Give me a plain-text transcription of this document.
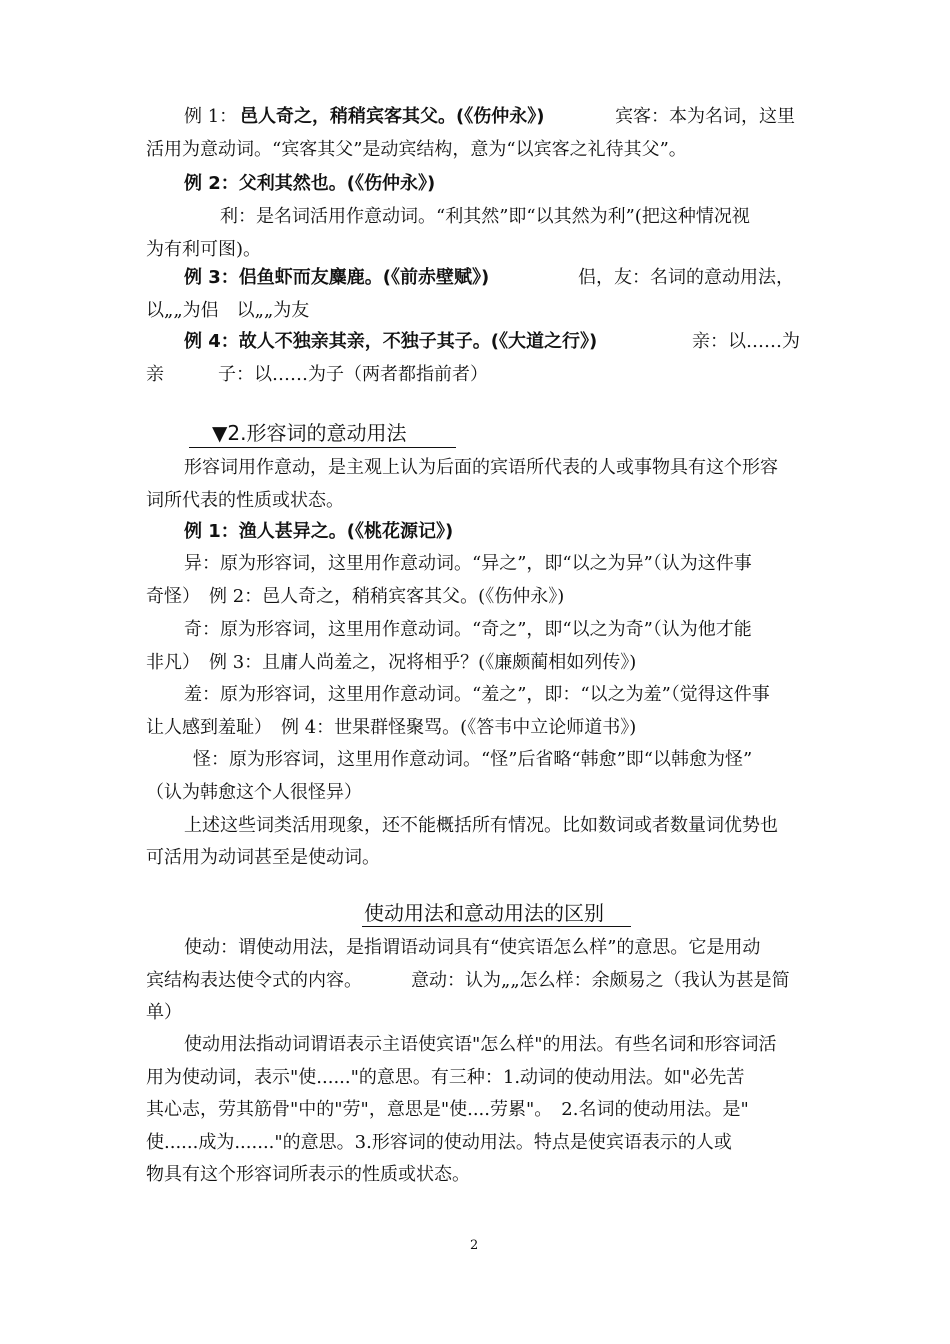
例 1： 邑人奇之，稍稍宾客其父。(《伤仲永》)	宾客：本为名词，这里
活用为意动词。“宾客其父”是动宾结构，意为“以宾客之礼待其父”。
例 2：父利其然也。(《伤仲永》)
利：是名词活用作意动词。“利其然”即“以其然为利”(把这种情况视
为有利可图)。
例 3：侣鱼虾而友麋鹿。(《前赤壁赋》)	侣，友：名词的意动用法，
以„„为侣　以„„为友
例 4：故人不独亲其亲，不独子其子。(《大道之行》)	亲：以……为
亲　　　子：以……为子（两者都指前者）
▼2.形容词的意动用法
形容词用作意动，是主观上认为后面的宾语所代表的人或事物具有这个形容
词所代表的性质或状态。
例 1：渔人甚异之。(《桃花源记》)
异：原为形容词，这里用作意动词。“异之”，即“以之为异”（认为这件事
奇怪）　例 2：邑人奇之，稍稍宾客其父。(《伤仲永》)
奇：原为形容词，这里用作意动词。“奇之”，即“以之为奇”（认为他才能
非凡）　例 3：且庸人尚羞之，况将相乎？(《廉颇蔺相如列传》)
羞：原为形容词，这里用作意动词。“羞之”，即：“以之为羞”（觉得这件事
让人感到羞耻）　例 4：世果群怪聚骂。(《答韦中立论师道书》)
怪：原为形容词，这里用作意动词。“怪”后省略“韩愈”即“以韩愈为怪”
（认为韩愈这个人很怪异）
上述这些词类活用现象，还不能概括所有情况。比如数词或者数量词优势也
可活用为动词甚至是使动词。
使动用法和意动用法的区别
使动：谓使动用法，是指谓语动词具有“使宾语怎么样”的意思。它是用动
宾结构表达使令式的内容。	意动：认为„„怎么样：余颇易之（我认为甚是简
单）
使动用法指动词谓语表示主语使宾语"怎么样"的用法。有些名词和形容词活
用为使动词，表示"使......"的意思。有三种：1.动词的使动用法。如"必先苦
其心志，劳其筋骨"中的"劳"，意思是"使....劳累"。　2.名词的使动用法。是"
使......成为......."的意思。3.形容词的使动用法。特点是使宾语表示的人或
物具有这个形容词所表示的性质或状态。
2
